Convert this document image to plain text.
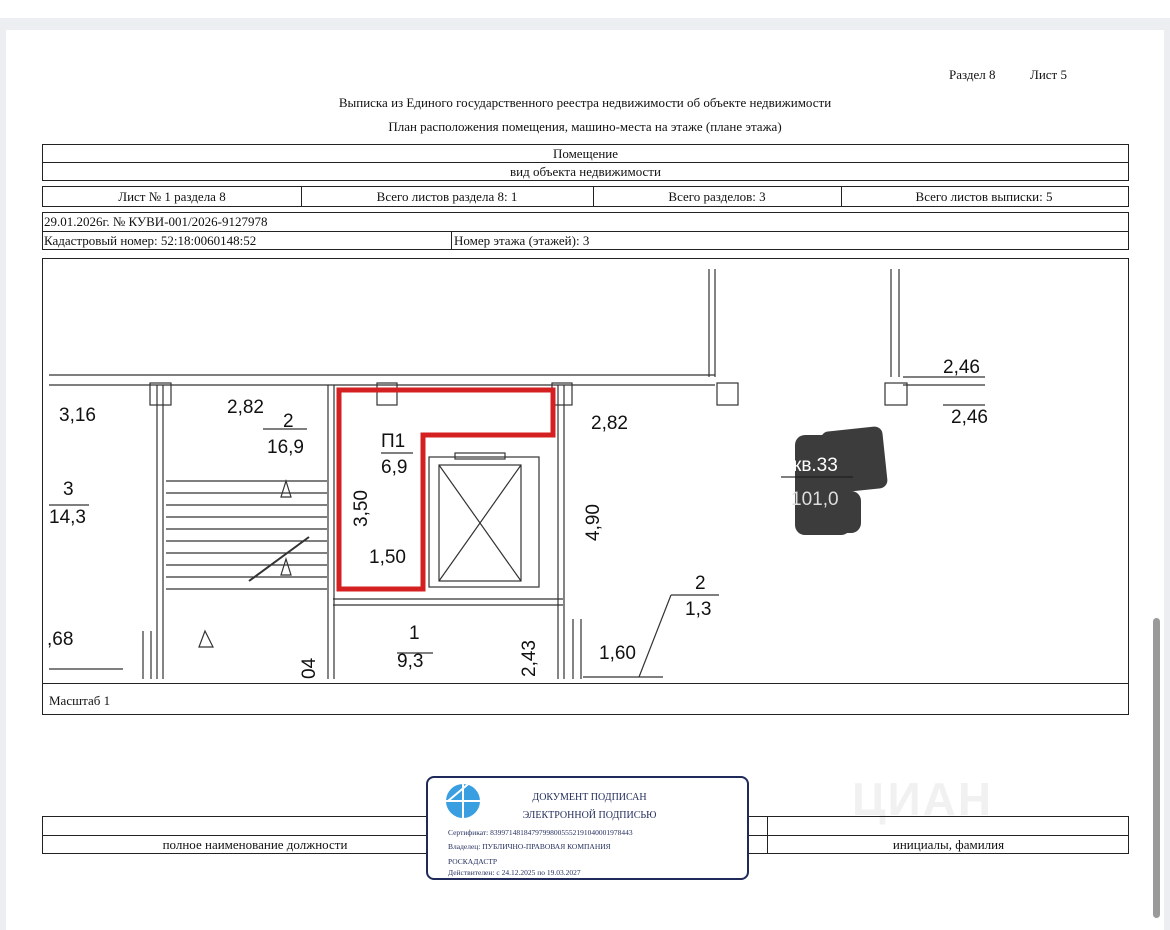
Раздел 8	Лист 5
Выписка из Единого государственного реестра недвижимости об объекте недвижимости
План расположения помещения, машино-места на этаже (плане этажа)
Помещение
вид объекта недвижимости
Лист № 1 раздела 8	Всего листов раздела 8: 1	Всего разделов: 3	Всего листов выписки: 5
29.01.2026г. № КУВИ-001/2026-9127978
Кадастровый номер: 52:18:0060148:52	Номер этажа (этажей): 3
3,16	2,82
2
16,9
3
14,3
П1
6,9
3,50
1,50
2,82
4,90
кв.33
101,0
2,46
2,46
2
1,3
1
9,3	2,43	1,60
,68
04
Масштаб 1
ЦИАН
полное наименование должности	инициалы, фамилия
ДОКУМЕНТ ПОДПИСАН
ЭЛЕКТРОННОЙ ПОДПИСЬЮ
Сертификат: 83997148184797998005552191040001978443
Владелец: ПУБЛИЧНО-ПРАВОВАЯ КОМПАНИЯ
РОСКАДАСТР
Действителен: с 24.12.2025 по 19.03.2027
